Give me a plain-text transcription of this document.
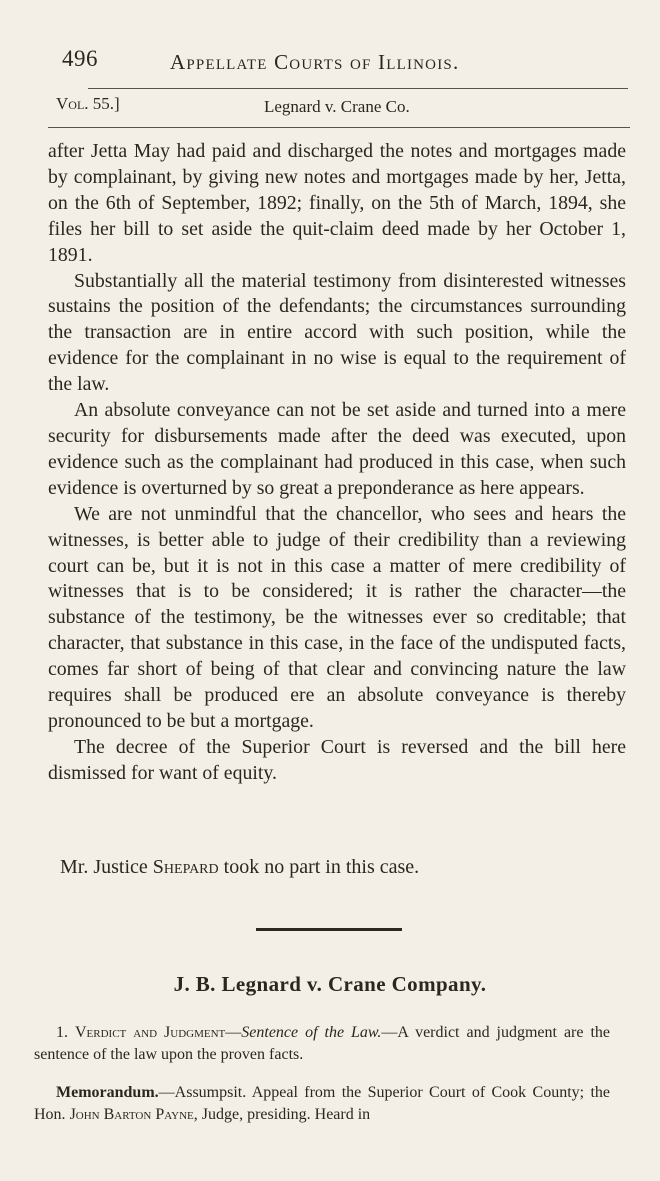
496	Appellate Courts of Illinois.
Vol. 55.]	Legnard v. Crane Co.

after Jetta May had paid and discharged the notes and mortgages made by complainant, by giving new notes and mortgages made by her, Jetta, on the 6th of September, 1892; finally, on the 5th of March, 1894, she files her bill to set aside the quit-claim deed made by her October 1, 1891.

Substantially all the material testimony from disinterested witnesses sustains the position of the defendants; the circumstances surrounding the transaction are in entire accord with such position, while the evidence for the complainant in no wise is equal to the requirement of the law.

An absolute conveyance can not be set aside and turned into a mere security for disbursements made after the deed was executed, upon evidence such as the complainant had produced in this case, when such evidence is overturned by so great a preponderance as here appears.

We are not unmindful that the chancellor, who sees and hears the witnesses, is better able to judge of their credibility than a reviewing court can be, but it is not in this case a matter of mere credibility of witnesses that is to be considered; it is rather the character—the substance of the testimony, be the witnesses ever so creditable; that character, that substance in this case, in the face of the undisputed facts, comes far short of being of that clear and convincing nature the law requires shall be produced ere an absolute conveyance is thereby pronounced to be but a mortgage.

The decree of the Superior Court is reversed and the bill here dismissed for want of equity.

Mr. Justice Shepard took no part in this case.
J. B. Legnard v. Crane Company.

1. Verdict and Judgment—Sentence of the Law.—A verdict and judgment are the sentence of the law upon the proven facts.

Memorandum.—Assumpsit. Appeal from the Superior Court of Cook County; the Hon. John Barton Payne, Judge, presiding. Heard in
